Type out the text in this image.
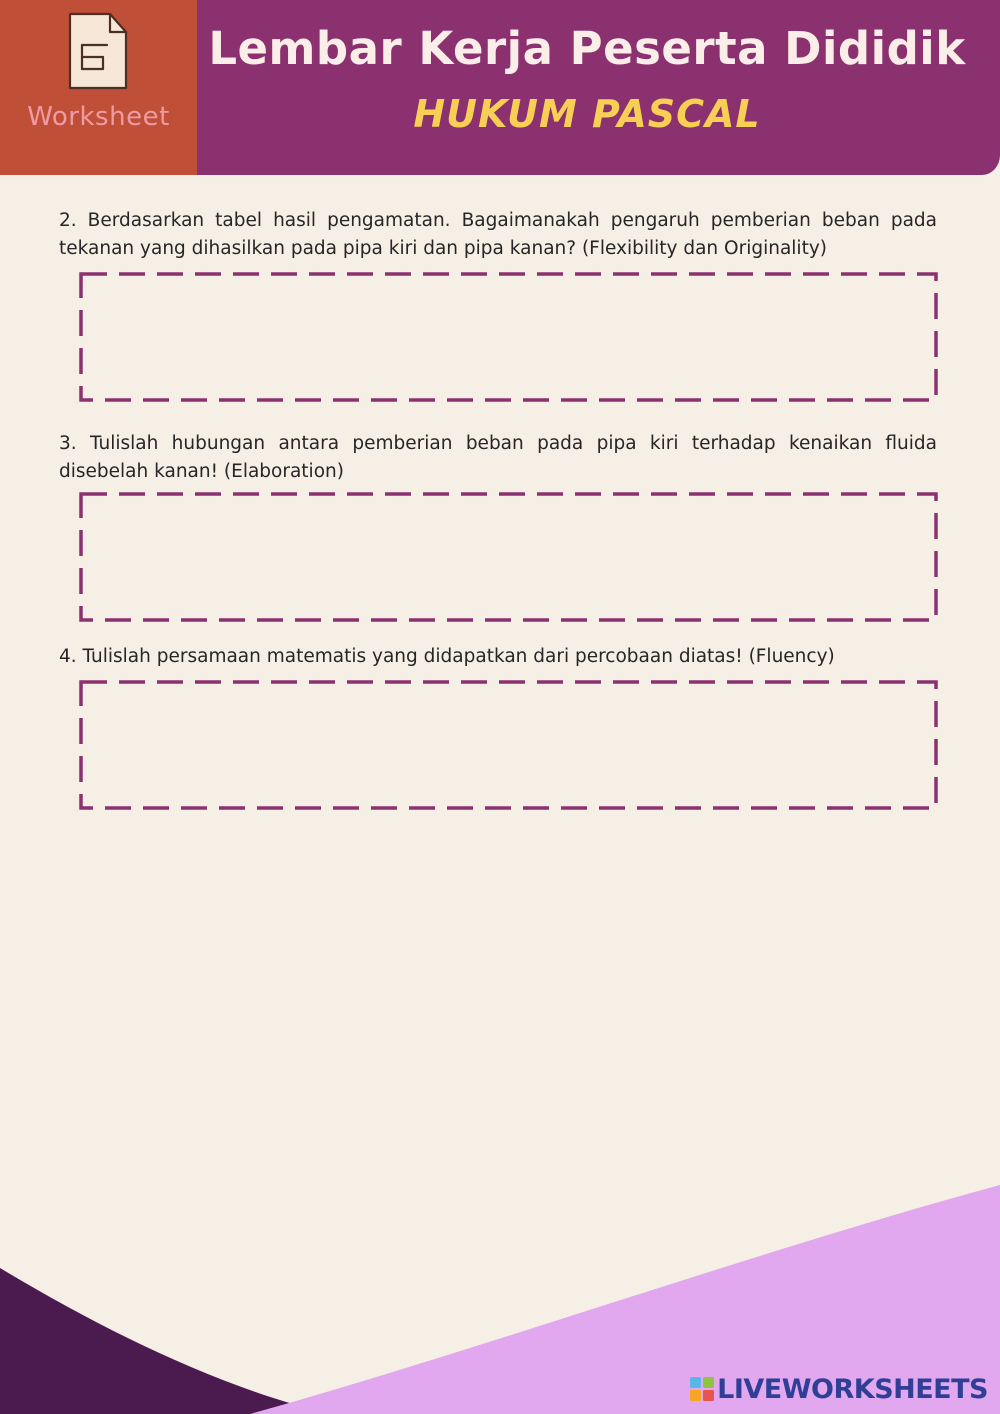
Worksheet
Lembar Kerja Peserta Dididik
HUKUM PASCAL

2. Berdasarkan tabel hasil pengamatan. Bagaimanakah pengaruh pemberian beban pada tekanan yang dihasilkan pada pipa kiri dan pipa kanan? (Flexibility dan Originality)

3. Tulislah hubungan antara pemberian beban pada pipa kiri terhadap kenaikan fluida disebelah kanan! (Elaboration)

4. Tulislah persamaan matematis yang didapatkan dari percobaan diatas! (Fluency)

LIVEWORKSHEETS
